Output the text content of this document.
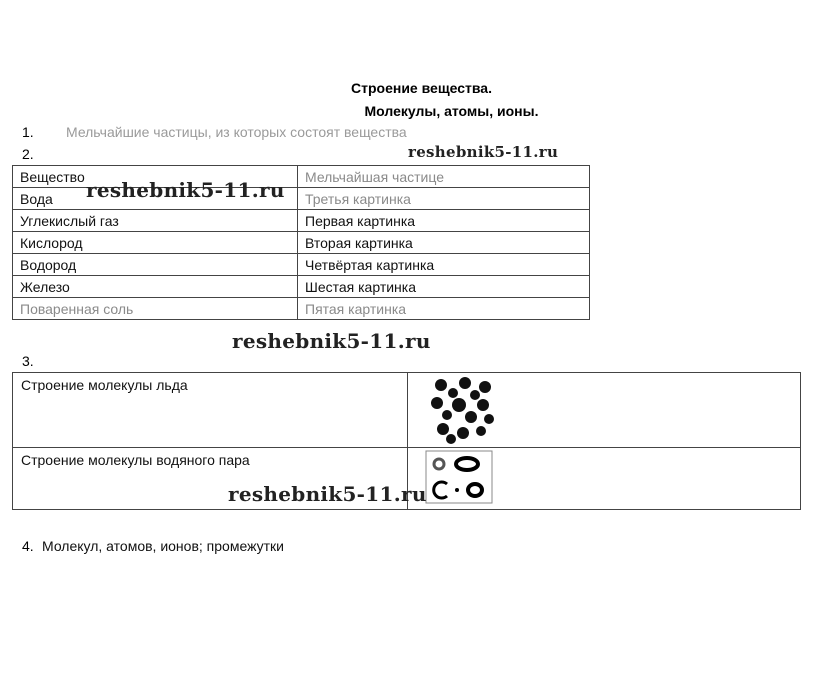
Строение вещества.
Молекулы, атомы, ионы.
1. Мельчайшие частицы, из которых состоят вещества
2.
Вещество	Мельчайшая частице
Вода	Третья картинка
Углекислый газ	Первая картинка
Кислород	Вторая картинка
Водород	Четвёртая картинка
Железо	Шестая картинка
Поваренная соль	Пятая картинка
3.
Строение молекулы льда
Строение молекулы водяного пара
4. Молекул, атомов, ионов; промежутки
reshebnik5-11.ru
reshebnik5-11.ru
reshebnik5-11.ru
reshebnik5-11.ru
